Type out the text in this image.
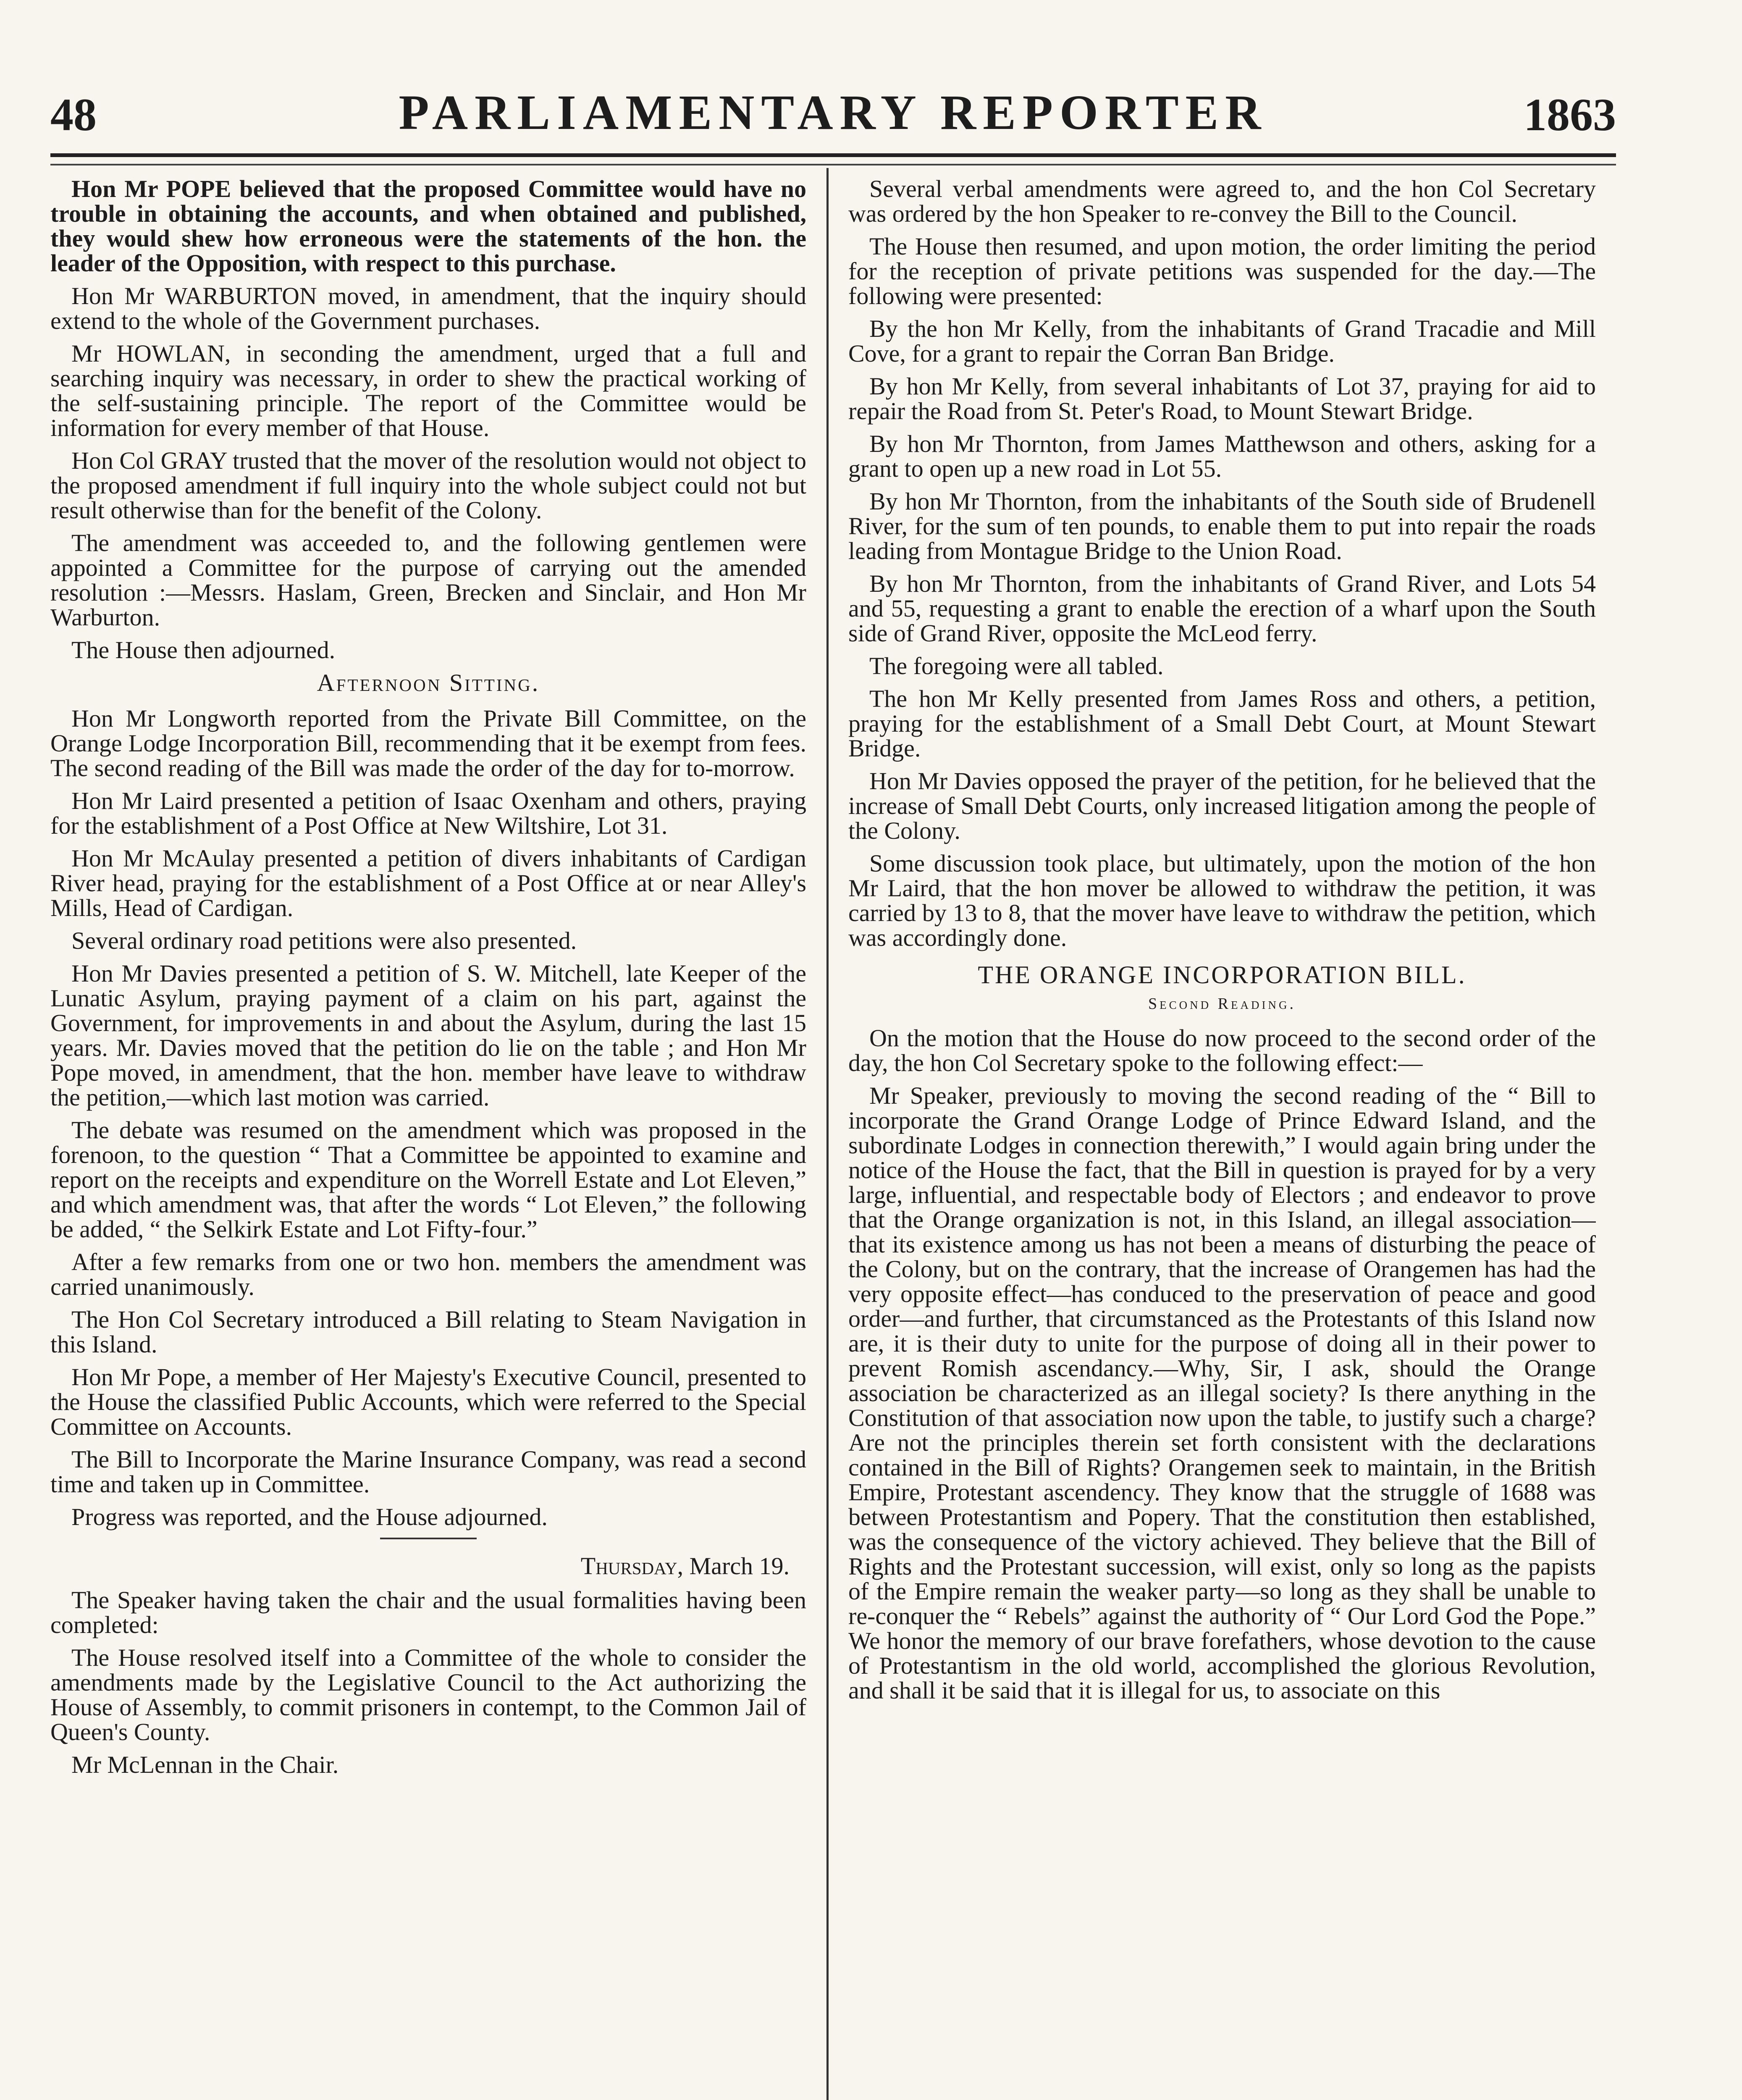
PARLIAMENTARY REPORTER
48	1863

Hon Mr POPE believed that the proposed Committee would have no trouble in obtaining the accounts, and when obtained and published, they would shew how erroneous were the statements of the hon. the leader of the Opposition, with respect to this purchase.

Hon Mr WARBURTON moved, in amendment, that the inquiry should extend to the whole of the Government purchases.

Mr HOWLAN, in seconding the amendment, urged that a full and searching inquiry was necessary, in order to shew the practical working of the self-sustaining principle. The report of the Committee would be information for every member of that House.

Hon Col GRAY trusted that the mover of the resolution would not object to the proposed amendment if full inquiry into the whole subject could not but result otherwise than for the benefit of the Colony.

The amendment was acceeded to, and the following gentlemen were appointed a Committee for the purpose of carrying out the amended resolution :—Messrs. Haslam, Green, Brecken and Sinclair, and Hon Mr Warburton.

The House then adjourned.

Afternoon Sitting.

Hon Mr Longworth reported from the Private Bill Committee, on the Orange Lodge Incorporation Bill, recommending that it be exempt from fees. The second reading of the Bill was made the order of the day for to-morrow.

Hon Mr Laird presented a petition of Isaac Oxenham and others, praying for the establishment of a Post Office at New Wiltshire, Lot 31.

Hon Mr McAulay presented a petition of divers inhabitants of Cardigan River head, praying for the establishment of a Post Office at or near Alley's Mills, Head of Cardigan.

Several ordinary road petitions were also presented.

Hon Mr Davies presented a petition of S. W. Mitchell, late Keeper of the Lunatic Asylum, praying payment of a claim on his part, against the Government, for improvements in and about the Asylum, during the last 15 years. Mr. Davies moved that the petition do lie on the table ; and Hon Mr Pope moved, in amendment, that the hon. member have leave to withdraw the petition,—which last motion was carried.

The debate was resumed on the amendment which was proposed in the forenoon, to the question “ That a Committee be appointed to examine and report on the receipts and expenditure on the Worrell Estate and Lot Eleven,” and which amendment was, that after the words “ Lot Eleven,” the following be added, “ the Selkirk Estate and Lot Fifty-four.”

After a few remarks from one or two hon. members the amendment was carried unanimously.

The Hon Col Secretary introduced a Bill relating to Steam Navigation in this Island.

Hon Mr Pope, a member of Her Majesty's Executive Council, presented to the House the classified Public Accounts, which were referred to the Special Committee on Accounts.

The Bill to Incorporate the Marine Insurance Company, was read a second time and taken up in Committee.

Progress was reported, and the House adjourned.

Thursday, March 19.

The Speaker having taken the chair and the usual formalities having been completed:

The House resolved itself into a Committee of the whole to consider the amendments made by the Legislative Council to the Act authorizing the House of Assembly, to commit prisoners in contempt, to the Common Jail of Queen's County.

Mr McLennan in the Chair.

Several verbal amendments were agreed to, and the hon Col Secretary was ordered by the hon Speaker to re-convey the Bill to the Council.

The House then resumed, and upon motion, the order limiting the period for the reception of private petitions was suspended for the day.—The following were presented:

By the hon Mr Kelly, from the inhabitants of Grand Tracadie and Mill Cove, for a grant to repair the Corran Ban Bridge.

By hon Mr Kelly, from several inhabitants of Lot 37, praying for aid to repair the Road from St. Peter's Road, to Mount Stewart Bridge.

By hon Mr Thornton, from James Matthewson and others, asking for a grant to open up a new road in Lot 55.

By hon Mr Thornton, from the inhabitants of the South side of Brudenell River, for the sum of ten pounds, to enable them to put into repair the roads leading from Montague Bridge to the Union Road.

By hon Mr Thornton, from the inhabitants of Grand River, and Lots 54 and 55, requesting a grant to enable the erection of a wharf upon the South side of Grand River, opposite the McLeod ferry.

The foregoing were all tabled.

The hon Mr Kelly presented from James Ross and others, a petition, praying for the establishment of a Small Debt Court, at Mount Stewart Bridge.

Hon Mr Davies opposed the prayer of the petition, for he believed that the increase of Small Debt Courts, only increased litigation among the people of the Colony.

Some discussion took place, but ultimately, upon the motion of the hon Mr Laird, that the hon mover be allowed to withdraw the petition, it was carried by 13 to 8, that the mover have leave to withdraw the petition, which was accordingly done.

THE ORANGE INCORPORATION BILL.
Second Reading.

On the motion that the House do now proceed to the second order of the day, the hon Col Secretary spoke to the following effect:—

Mr Speaker, previously to moving the second reading of the “ Bill to incorporate the Grand Orange Lodge of Prince Edward Island, and the subordinate Lodges in connection therewith,” I would again bring under the notice of the House the fact, that the Bill in question is prayed for by a very large, influential, and respectable body of Electors ; and endeavor to prove that the Orange organization is not, in this Island, an illegal association—that its existence among us has not been a means of disturbing the peace of the Colony, but on the contrary, that the increase of Orangemen has had the very opposite effect—has conduced to the preservation of peace and good order—and further, that circumstanced as the Protestants of this Island now are, it is their duty to unite for the purpose of doing all in their power to prevent Romish ascendancy.—Why, Sir, I ask, should the Orange association be characterized as an illegal society? Is there anything in the Constitution of that association now upon the table, to justify such a charge? Are not the principles therein set forth consistent with the declarations contained in the Bill of Rights? Orangemen seek to maintain, in the British Empire, Protestant ascendency. They know that the struggle of 1688 was between Protestantism and Popery. That the constitution then established, was the consequence of the victory achieved. They believe that the Bill of Rights and the Protestant succession, will exist, only so long as the papists of the Empire remain the weaker party—so long as they shall be unable to re-conquer the “ Rebels” against the authority of “ Our Lord God the Pope.” We honor the memory of our brave forefathers, whose devotion to the cause of Protestantism in the old world, accomplished the glorious Revolution, and shall it be said that it is illegal for us, to associate on this
